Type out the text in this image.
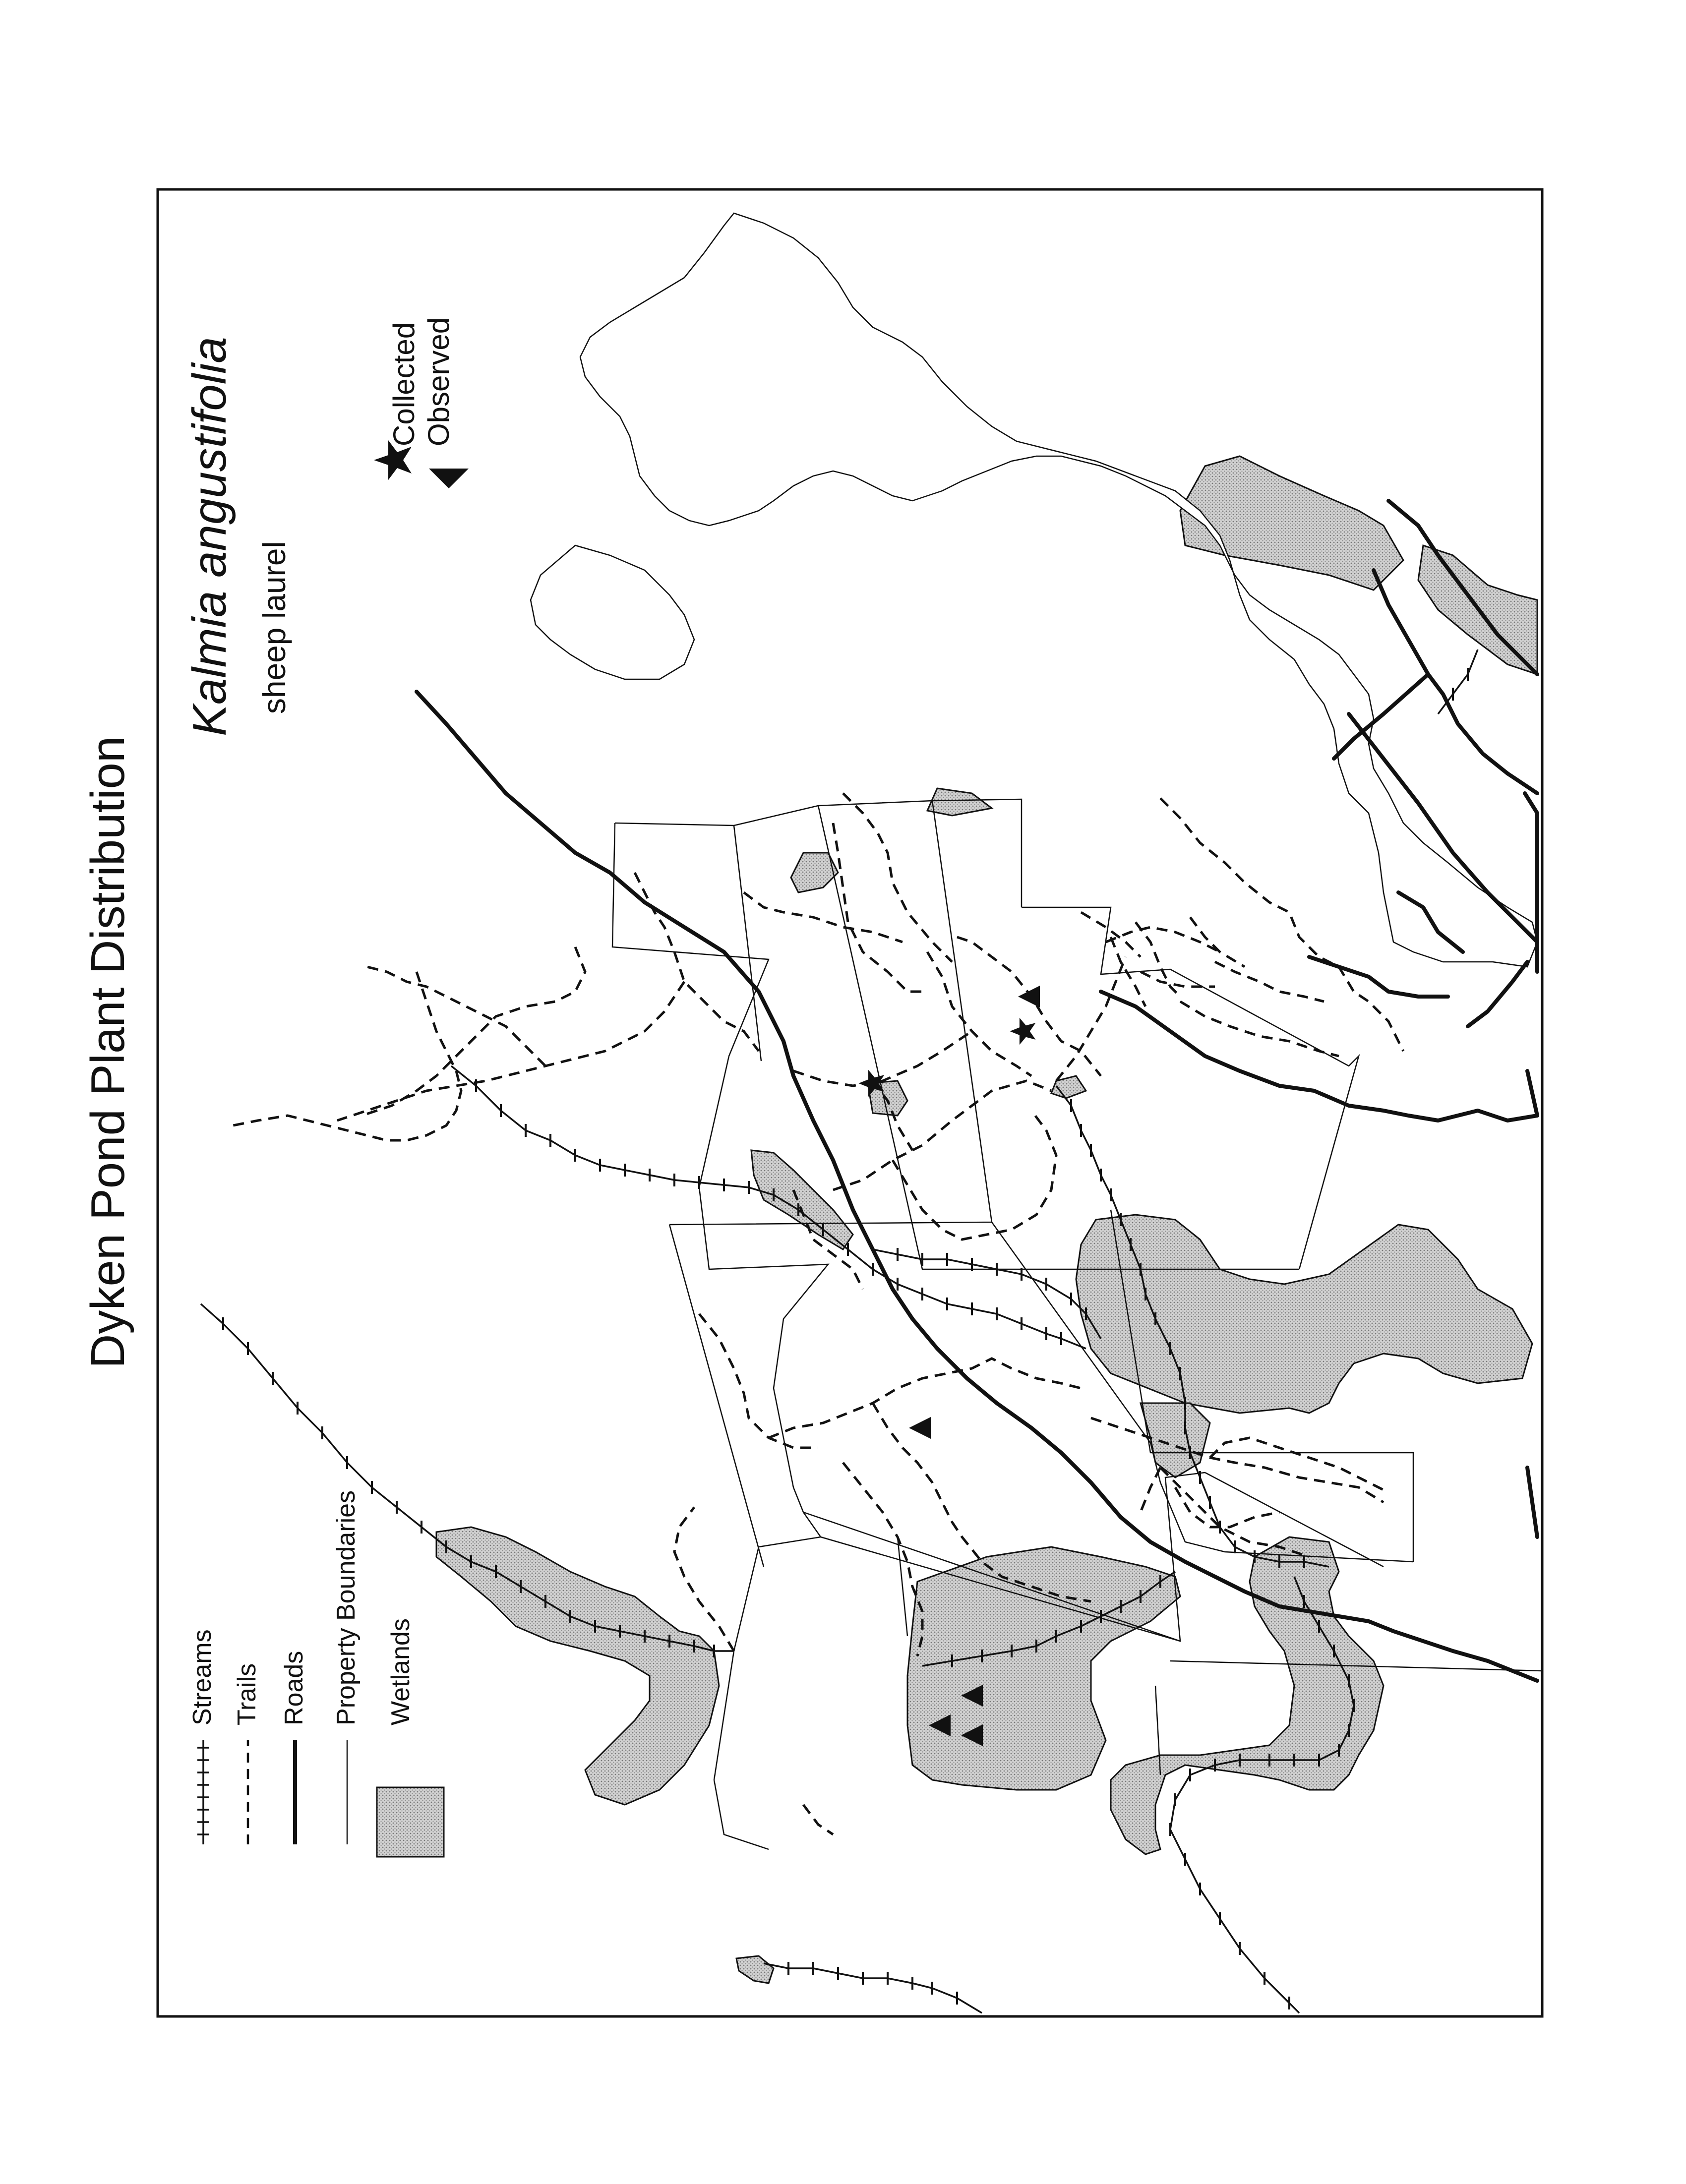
Dyken Pond Plant Distribution
Kalmia angustifolia sheep laurel
Collected Observed
Streams Trails Roads Property Boundaries Wetlands
